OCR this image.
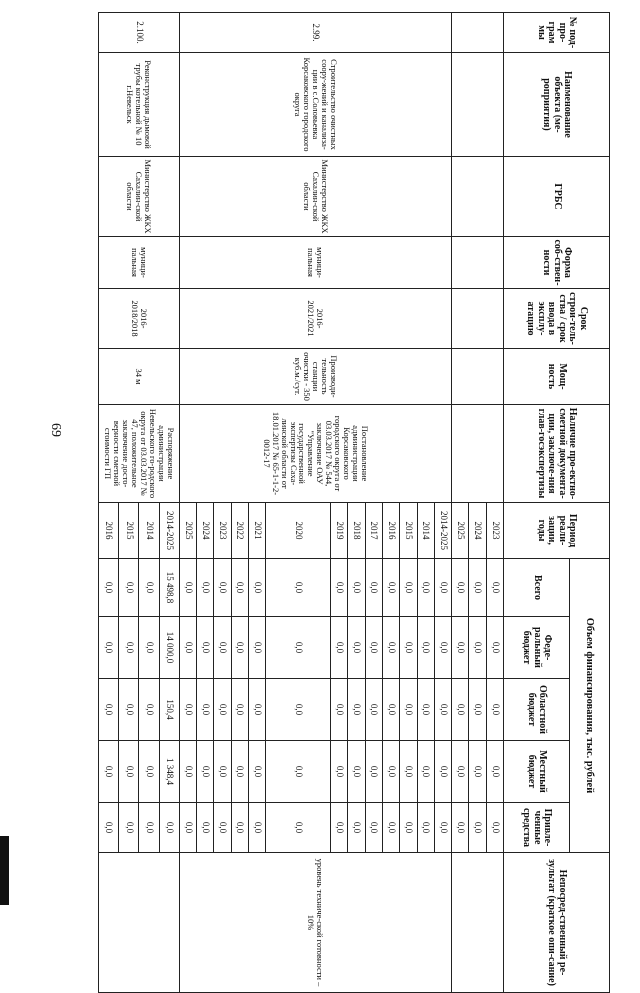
69
№ под-про-грам мы	Наименование объекта (ме-роприятия)	ГРБС	Форма соб-ствен-ности	Срок строи-тель-ства / срок ввода в эксплу-атацию	Мощ-ность	Наличие про-ектно-сметной документа-ции, заключе-ния глав-госэкспертизы	Период реали-зации, годы	Объем финансирования, тыс. рублей					Непосред-ственный ре-зультат (краткое опи-сание)
								Всего	Феде-ральный бюджет	Областной бюджет	Местный бюджет	Привле-ченные средства	
							2023	0,0	0,0	0,0	0,0	0,0	
							2024	0,0	0,0	0,0	0,0	0,0	
							2025	0,0	0,0	0,0	0,0	0,0	
2.99.	Строительство очистных соору-жений и канализа-ции в с.Соловьевка Корсаковского городского округа	Министерство ЖКХ Сахалин-ской области	муници-пальная	2016-2021/2021	Производи-тельность станции очистки - 350 куб.м./сут.	Постановление администрации Корсаковского городского округа от 03.03.2017 № 544, заключение ОАУ "Управление государственной экспертизы Саха-линской области от 18.01.2017 № 65-1-1-2-0012-17	2014-2025	0,0	0,0	0,0	0,0	0,0	уровень техниче-ской готовности – 10%
							2014	0,0	0,0	0,0	0,0	0,0	
							2015	0,0	0,0	0,0	0,0	0,0	
							2016	0,0	0,0	0,0	0,0	0,0	
							2017	0,0	0,0	0,0	0,0	0,0	
							2018	0,0	0,0	0,0	0,0	0,0	
							2019	0,0	0,0	0,0	0,0	0,0	
							2020	0,0	0,0	0,0	0,0	0,0	
							2021	0,0	0,0	0,0	0,0	0,0	
							2022	0,0	0,0	0,0	0,0	0,0	
							2023	0,0	0,0	0,0	0,0	0,0	
							2024	0,0	0,0	0,0	0,0	0,0	
							2025	0,0	0,0	0,0	0,0	0,0	
2.100.	Реконструкция дымовой трубы котельной № 10 г.Невельск	Министерство ЖКХ Сахалин-ской области	муници-пальная	2016-2018/2018	34 м	Распоряжение администрации Невельского го-родского округа от 03.03.2017 № 47, положительное заключение досто-верности сметной стоимости ГП	2014-2025	15 498,8	14 000,0	150,4	1 348,4	0,0	
							2014	0,0	0,0	0,0	0,0	0,0	
							2015	0,0	0,0	0,0	0,0	0,0	
							2016	0,0	0,0	0,0	0,0	0,0	
